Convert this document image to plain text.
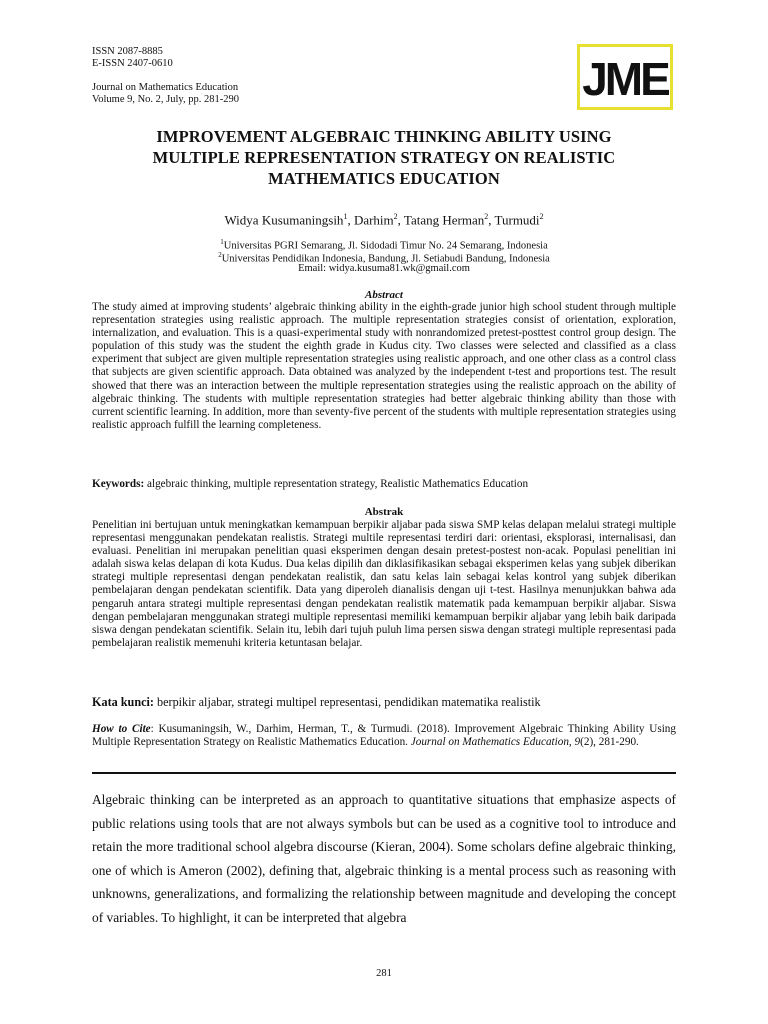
ISSN 2087-8885
E-ISSN 2407-0610
Journal on Mathematics Education
Volume 9, No. 2, July, pp. 281-290	JME
IMPROVEMENT ALGEBRAIC THINKING ABILITY USING
MULTIPLE REPRESENTATION STRATEGY ON REALISTIC
MATHEMATICS EDUCATION
Widya Kusumaningsih$^1$, Darhim$^2$, Tatang Herman$^2$, Turmudi$^2$
$^1$Universitas PGRI Semarang, Jl. Sidodadi Timur No. 24 Semarang, Indonesia
$^2$Universitas Pendidikan Indonesia, Bandung, Jl. Setiabudi Bandung, Indonesia
Email: widya.kusuma81.wk@gmail.com
Abstract
The study aimed at improving students’ algebraic thinking ability in the eighth-grade junior high school student through multiple representation strategies using realistic approach. The multiple representation strategies consist of orientation, exploration, internalization, and evaluation. This is a quasi-experimental study with nonrandomized pretest-posttest control group design. The population of this study was the student the eighth grade in Kudus city. Two classes were selected and classified as a class experiment that subject are given multiple representation strategies using realistic approach, and one other class as a control class that subjects are given scientific approach. Data obtained was analyzed by the independent t-test and proportions test. The result showed that there was an interaction between the multiple representation strategies using the realistic approach on the ability of algebraic thinking. The students with multiple representation strategies had better algebraic thinking ability than those with current scientific learning. In addition, more than seventy-five percent of the students with multiple representation strategies using realistic approach fulfill the learning completeness.
Keywords: algebraic thinking, multiple representation strategy, Realistic Mathematics Education
Abstrak
Penelitian ini bertujuan untuk meningkatkan kemampuan berpikir aljabar pada siswa SMP kelas delapan melalui strategi multiple representasi menggunakan pendekatan realistis. Strategi multile representasi terdiri dari: orientasi, eksplorasi, internalisasi, dan evaluasi. Penelitian ini merupakan penelitian quasi eksperimen dengan desain pretest-postest non-acak. Populasi penelitian ini adalah siswa kelas delapan di kota Kudus. Dua kelas dipilih dan diklasifikasikan sebagai eksperimen kelas yang subjek diberikan strategi multiple representasi dengan pendekatan realistik, dan satu kelas lain sebagai kelas kontrol yang subjek diberikan pembelajaran dengan pendekatan scientifik. Data yang diperoleh dianalisis dengan uji t-test. Hasilnya menunjukkan bahwa ada pengaruh antara strategi multiple representasi dengan pendekatan realistik matematik pada kemampuan berpikir aljabar. Siswa dengan pembelajaran menggunakan strategi multiple representasi memiliki kemampuan berpikir aljabar yang lebih baik daripada siswa dengan pendekatan scientifik. Selain itu, lebih dari tujuh puluh lima persen siswa dengan strategi multiple representasi pada pembelajaran realistik memenuhi kriteria ketuntasan belajar.
Kata kunci: berpikir aljabar, strategi multipel representasi, pendidikan matematika realistik
How to Cite: Kusumaningsih, W., Darhim, Herman, T., & Turmudi. (2018). Improvement Algebraic Thinking Ability Using Multiple Representation Strategy on Realistic Mathematics Education. Journal on Mathematics Education, 9(2), 281-290.
Algebraic thinking can be interpreted as an approach to quantitative situations that emphasize aspects of public relations using tools that are not always symbols but can be used as a cognitive tool to introduce and retain the more traditional school algebra discourse (Kieran, 2004). Some scholars define algebraic thinking, one of which is Ameron (2002), defining that, algebraic thinking is a mental process such as reasoning with unknowns, generalizations, and formalizing the relationship between magnitude and developing the concept of variables. To highlight, it can be interpreted that algebra
281
